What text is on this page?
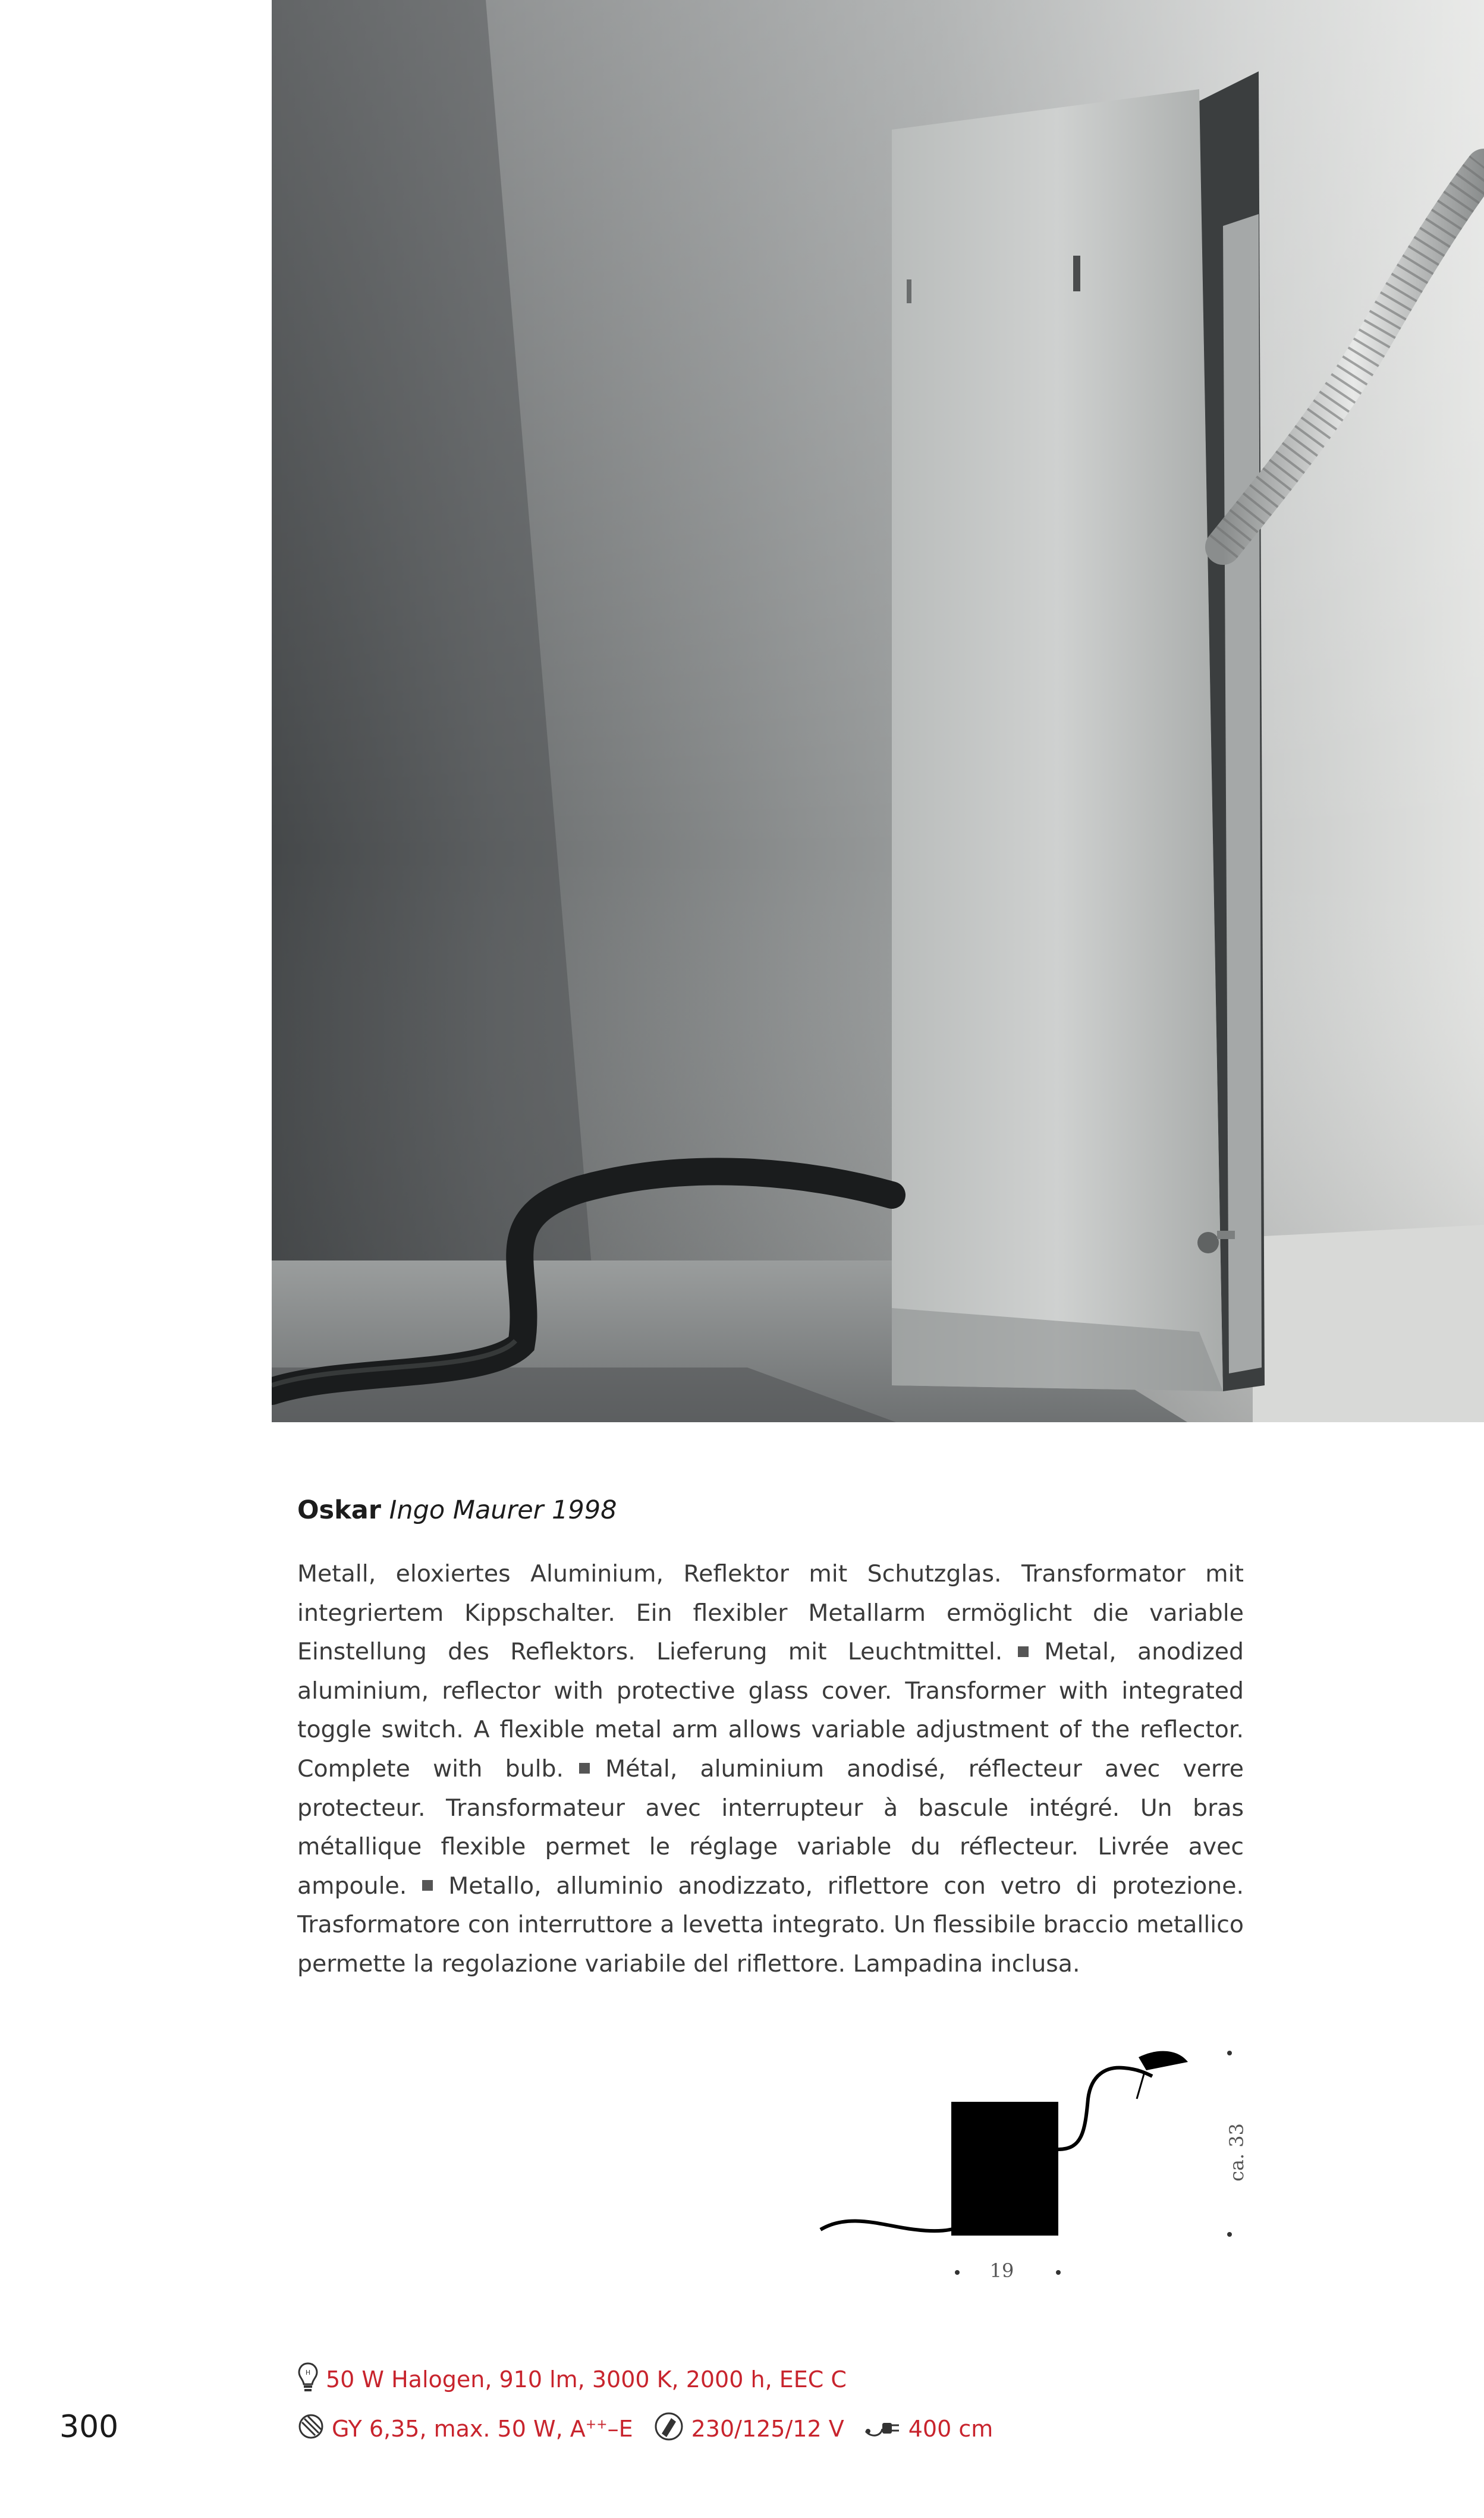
Oskar Ingo Maurer 1998
Metall, eloxiertes Aluminium, Reflektor mit Schutzglas. Transformator mit integriertem Kippschalter. Ein flexibler Metallarm ermöglicht die variable Einstellung des Reflektors. Lieferung mit Leuchtmittel. Metal, anodized aluminium, reflector with protective glass cover. Transformer with integrated toggle switch. A flexible metal arm allows variable adjustment of the reflector. Complete with bulb. Métal, aluminium anodisé, réflecteur avec verre protecteur. Transformateur avec interrupteur à bascule intégré. Un bras métallique flexible permet le réglage variable du réflecteur. Livrée avec ampoule. Metallo, alluminio anodizzato, riflettore con vetro di protezione. Trasformatore con interruttore a levetta integrato. Un flessibile braccio metallico permette la regolazione variabile del riflettore. Lampadina inclusa.
19
ca. 33
H 50 W Halogen, 910 lm, 3000 K, 2000 h, EEC C
GY 6,35, max. 50 W, A++–E	230/125/12 V	400 cm
300
